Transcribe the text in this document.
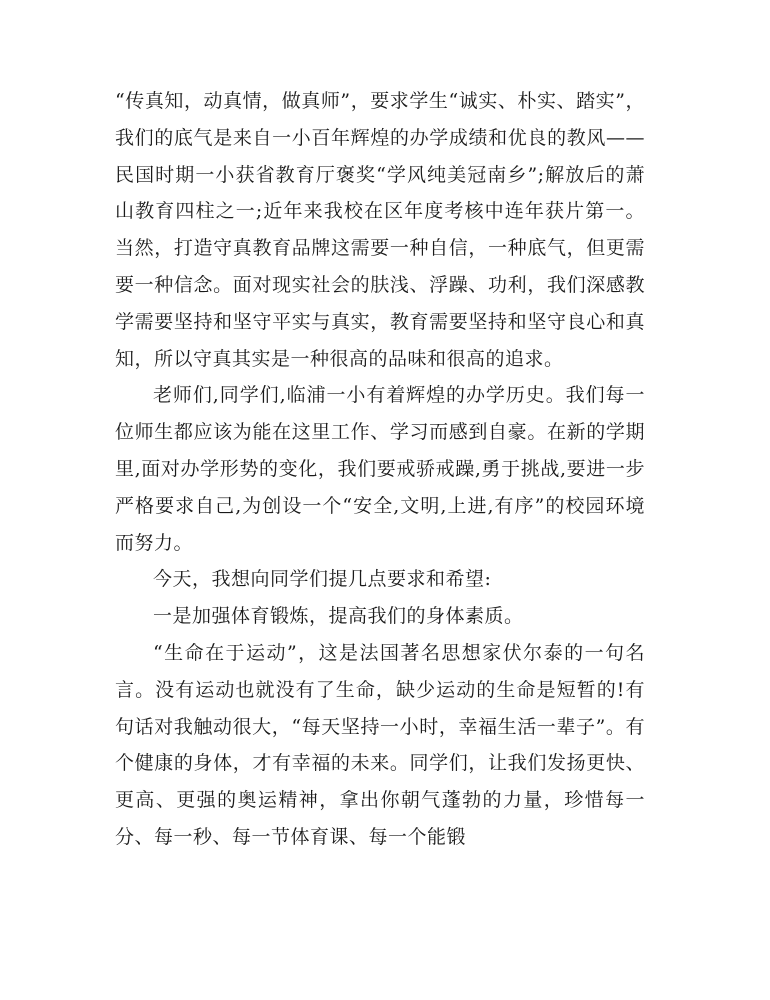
“传真知，动真情，做真师”，要求学生“诚实、朴实、踏实”，我们的底气是来自一小百年辉煌的办学成绩和优良的教风——民国时期一小获省教育厅褒奖“学风纯美冠南乡”;解放后的萧山教育四柱之一;近年来我校在区年度考核中连年获片第一。当然，打造守真教育品牌这需要一种自信，一种底气，但更需要一种信念。面对现实社会的肤浅、浮躁、功利，我们深感教学需要坚持和坚守平实与真实，教育需要坚持和坚守良心和真知，所以守真其实是一种很高的品味和很高的追求。

老师们,同学们,临浦一小有着辉煌的办学历史。我们每一位师生都应该为能在这里工作、学习而感到自豪。在新的学期里,面对办学形势的变化，我们要戒骄戒躁,勇于挑战,要进一步严格要求自己,为创设一个“安全,文明,上进,有序”的校园环境而努力。

今天，我想向同学们提几点要求和希望:

一是加强体育锻炼，提高我们的身体素质。

“生命在于运动”，这是法国著名思想家伏尔泰的一句名言。没有运动也就没有了生命，缺少运动的生命是短暂的!有句话对我触动很大，“每天坚持一小时，幸福生活一辈子”。有个健康的身体，才有幸福的未来。同学们，让我们发扬更快、更高、更强的奥运精神，拿出你朝气蓬勃的力量，珍惜每一分、每一秒、每一节体育课、每一个能锻
